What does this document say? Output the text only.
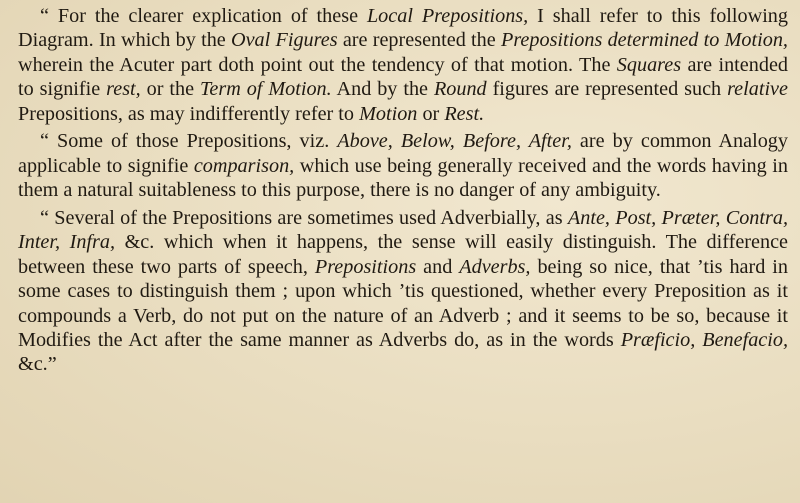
“ For the clearer explication of these Local Prepositions, I shall refer to this following Diagram. In which by the Oval Figures are represented the Prepositions determined to Motion, wherein the Acuter part doth point out the tendency of that motion. The Squares are intended to signifie rest, or the Term of Motion. And by the Round figures are represented such relative Prepositions, as may indifferently refer to Motion or Rest.

“ Some of those Prepositions, viz. Above, Below, Before, After, are by common Analogy applicable to signifie comparison, which use being generally received and the words having in them a natural suitableness to this purpose, there is no danger of any ambiguity.

“ Several of the Prepositions are sometimes used Adverbially, as Ante, Post, Præter, Contra, Inter, Infra, &c. which when it happens, the sense will easily distinguish. The difference between these two parts of speech, Prepositions and Adverbs, being so nice, that ’tis hard in some cases to distinguish them ; upon which ’tis questioned, whether every Preposition as it compounds a Verb, do not put on the nature of an Adverb ; and it seems to be so, because it Modifies the Act after the same manner as Adverbs do, as in the words Præficio, Benefacio, &c.”
